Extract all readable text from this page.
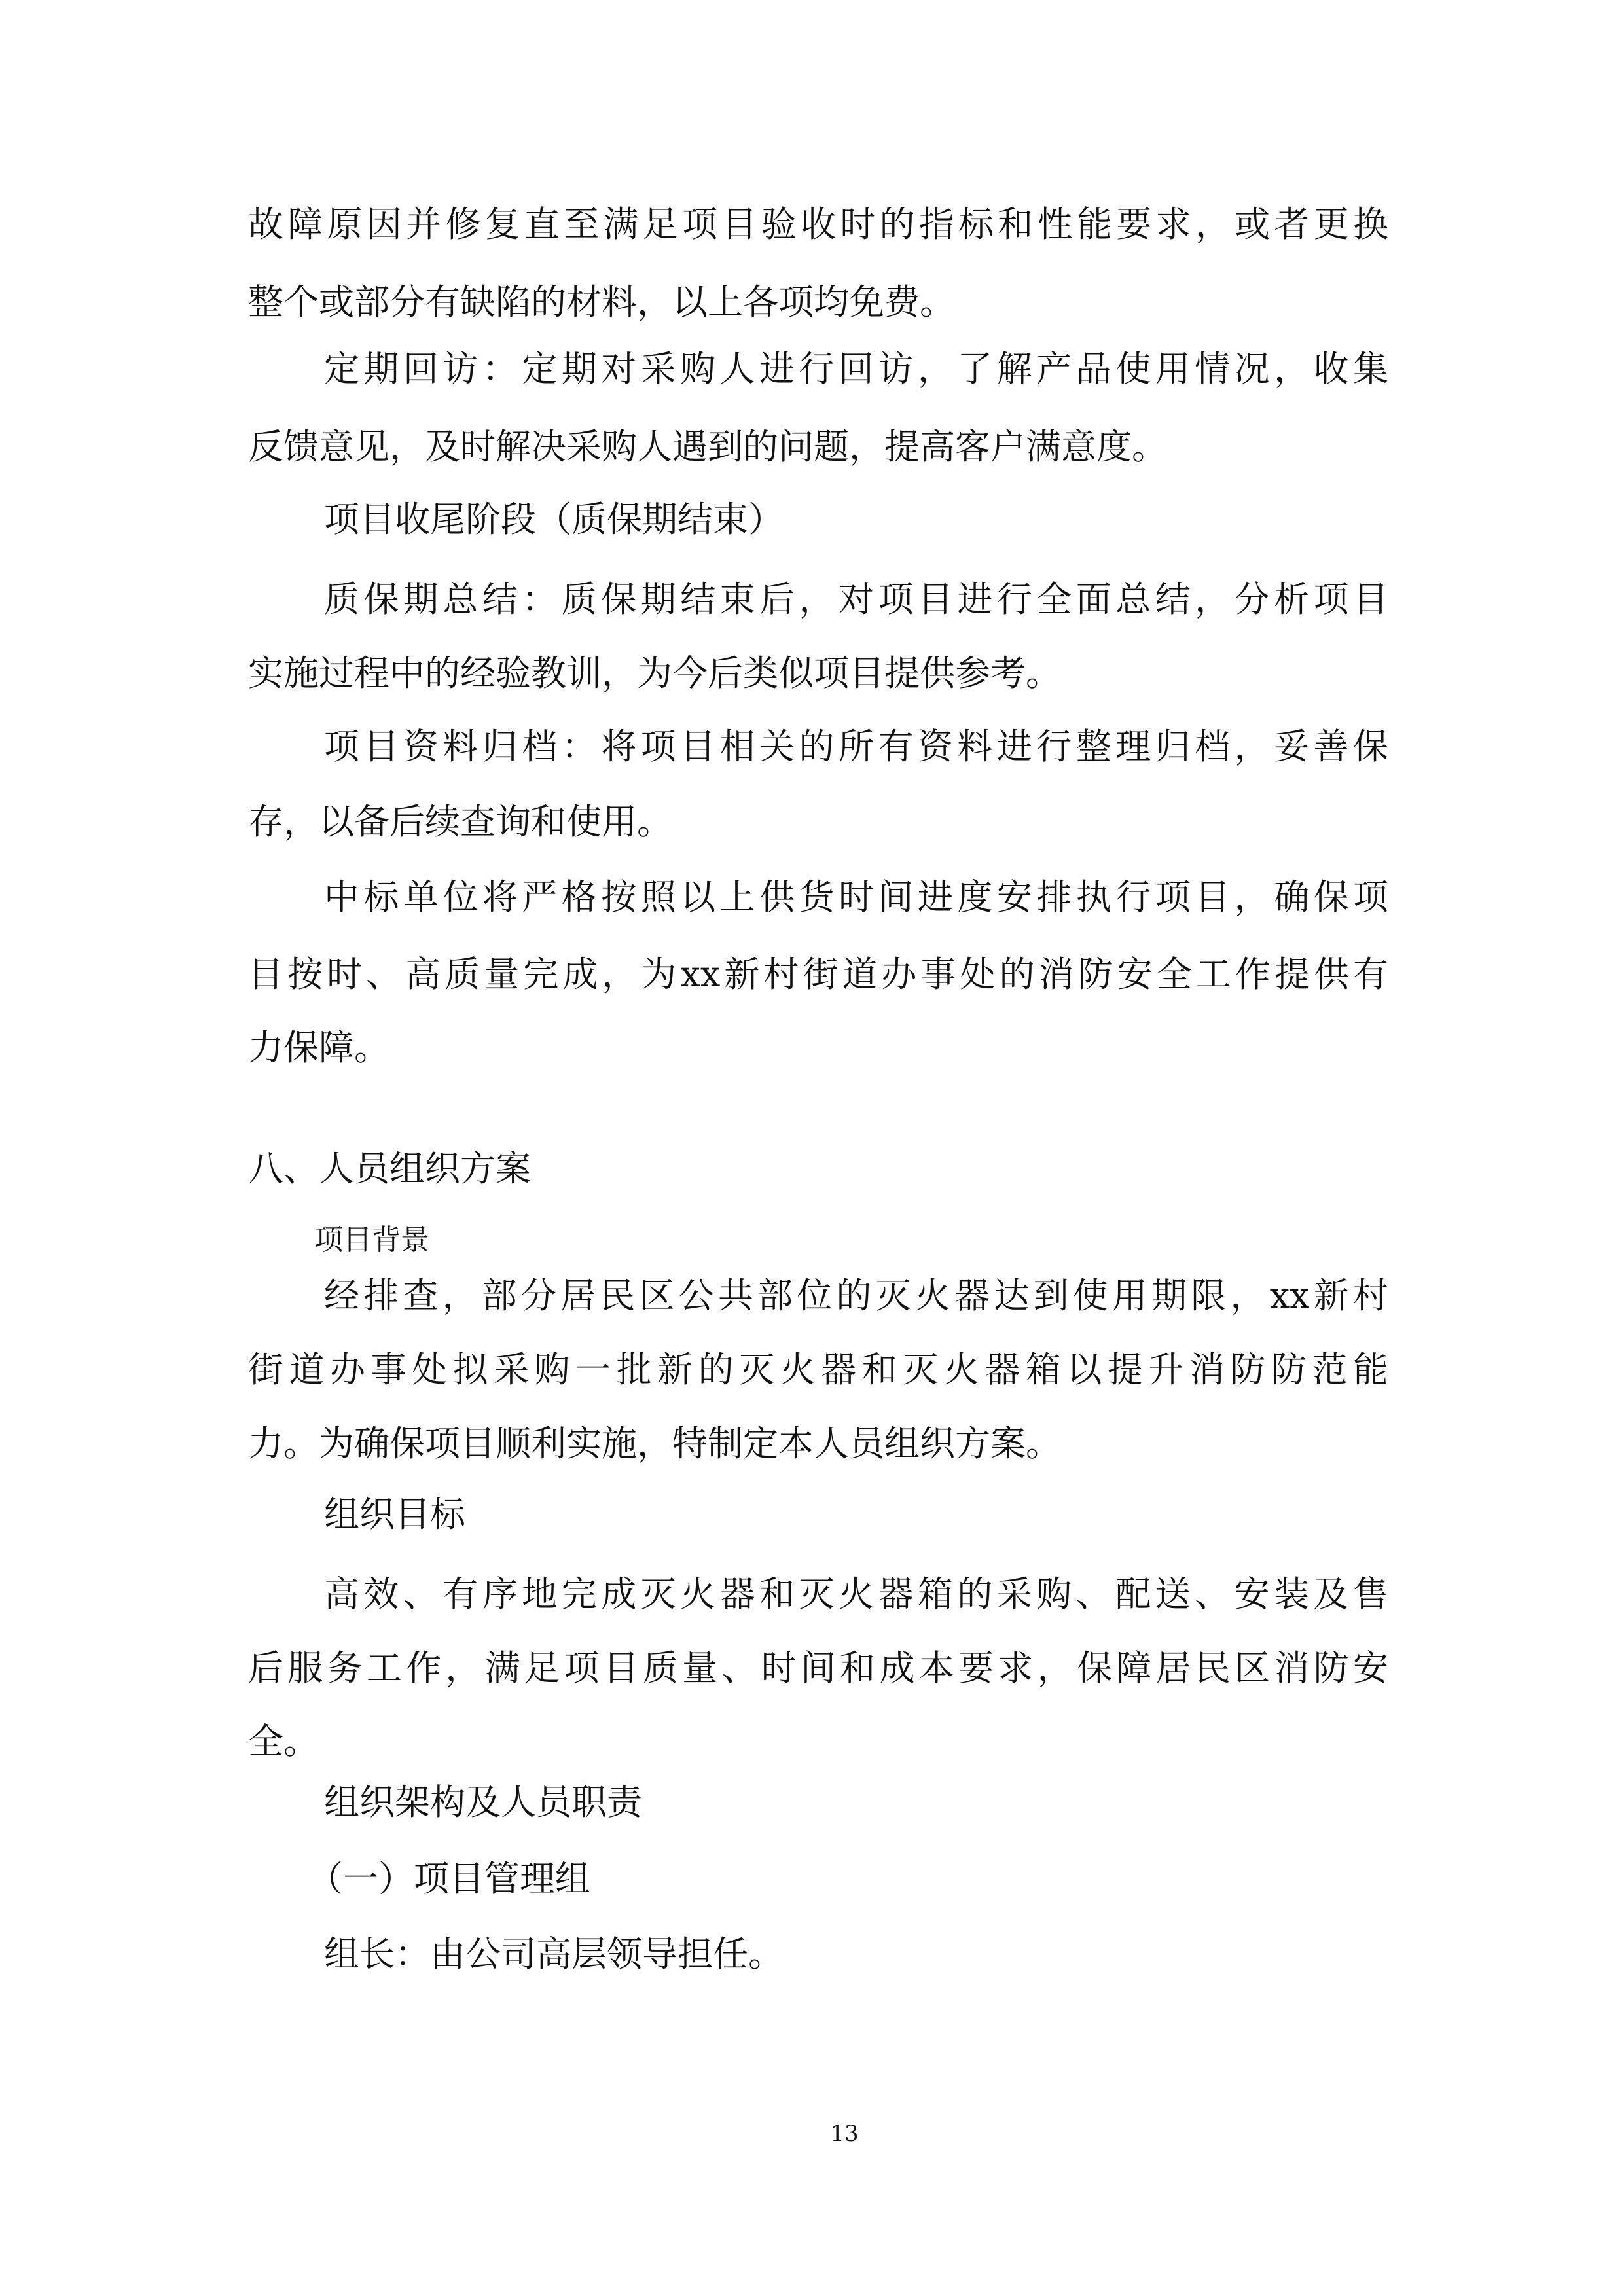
故障原因并修复直至满足项目验收时的指标和性能要求，或者更换
整个或部分有缺陷的材料，以上各项均免费。
定期回访：定期对采购人进行回访，了解产品使用情况，收集
反馈意见，及时解决采购人遇到的问题，提高客户满意度。
项目收尾阶段（质保期结束）
质保期总结：质保期结束后，对项目进行全面总结，分析项目
实施过程中的经验教训，为今后类似项目提供参考。
项目资料归档：将项目相关的所有资料进行整理归档，妥善保
存，以备后续查询和使用。
中标单位将严格按照以上供货时间进度安排执行项目，确保项
目按时、高质量完成，为xx新村街道办事处的消防安全工作提供有
力保障。
八、人员组织方案
项目背景
经排查，部分居民区公共部位的灭火器达到使用期限，xx新村
街道办事处拟采购一批新的灭火器和灭火器箱以提升消防防范能
力。为确保项目顺利实施，特制定本人员组织方案。
组织目标
高效、有序地完成灭火器和灭火器箱的采购、配送、安装及售
后服务工作，满足项目质量、时间和成本要求，保障居民区消防安
全。
组织架构及人员职责
（一）项目管理组
组长：由公司高层领导担任。
13
